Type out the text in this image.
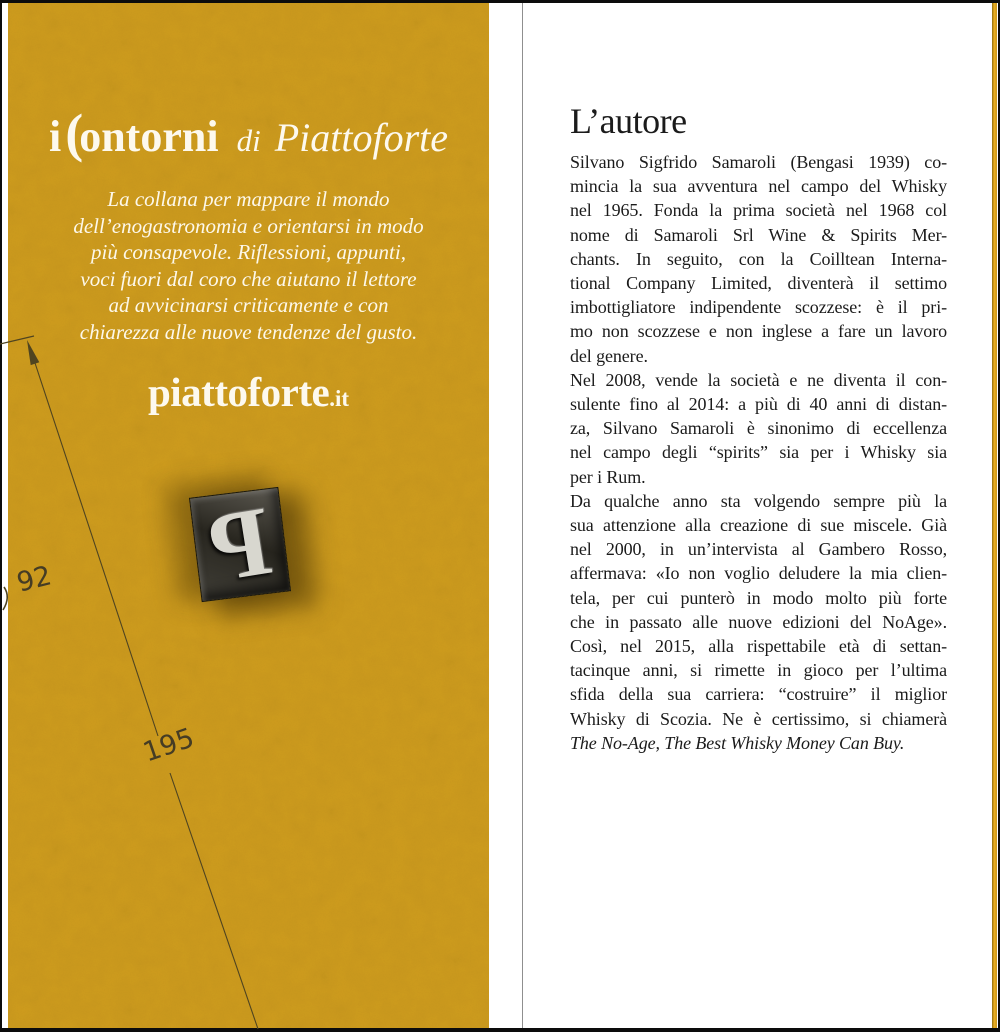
i (ontorni di Piattoforte
La collana per mappare il mondo
dell’enogastronomia e orientarsi in modo
più consapevole. Riflessioni, appunti,
voci fuori dal coro che aiutano il lettore
ad avvicinarsi criticamente e con
chiarezza alle nuove tendenze del gusto.
piattoforte.it
P
92
195
L’autore
Silvano Sigfrido Samaroli (Bengasi 1939) co-
mincia la sua avventura nel campo del Whisky
nel 1965. Fonda la prima società nel 1968 col
nome di Samaroli Srl Wine & Spirits Mer-
chants. In seguito, con la Coilltean Interna-
tional Company Limited, diventerà il settimo
imbottigliatore indipendente scozzese: è il pri-
mo non scozzese e non inglese a fare un lavoro
del genere.
Nel 2008, vende la società e ne diventa il con-
sulente fino al 2014: a più di 40 anni di distan-
za, Silvano Samaroli è sinonimo di eccellenza
nel campo degli “spirits” sia per i Whisky sia
per i Rum.
Da qualche anno sta volgendo sempre più la
sua attenzione alla creazione di sue miscele. Già
nel 2000, in un’intervista al Gambero Rosso,
affermava: «Io non voglio deludere la mia clien-
tela, per cui punterò in modo molto più forte
che in passato alle nuove edizioni del NoAge».
Così, nel 2015, alla rispettabile età di settan-
tacinque anni, si rimette in gioco per l’ultima
sfida della sua carriera: “costruire” il miglior
Whisky di Scozia. Ne è certissimo, si chiamerà
The No-Age, The Best Whisky Money Can Buy.
